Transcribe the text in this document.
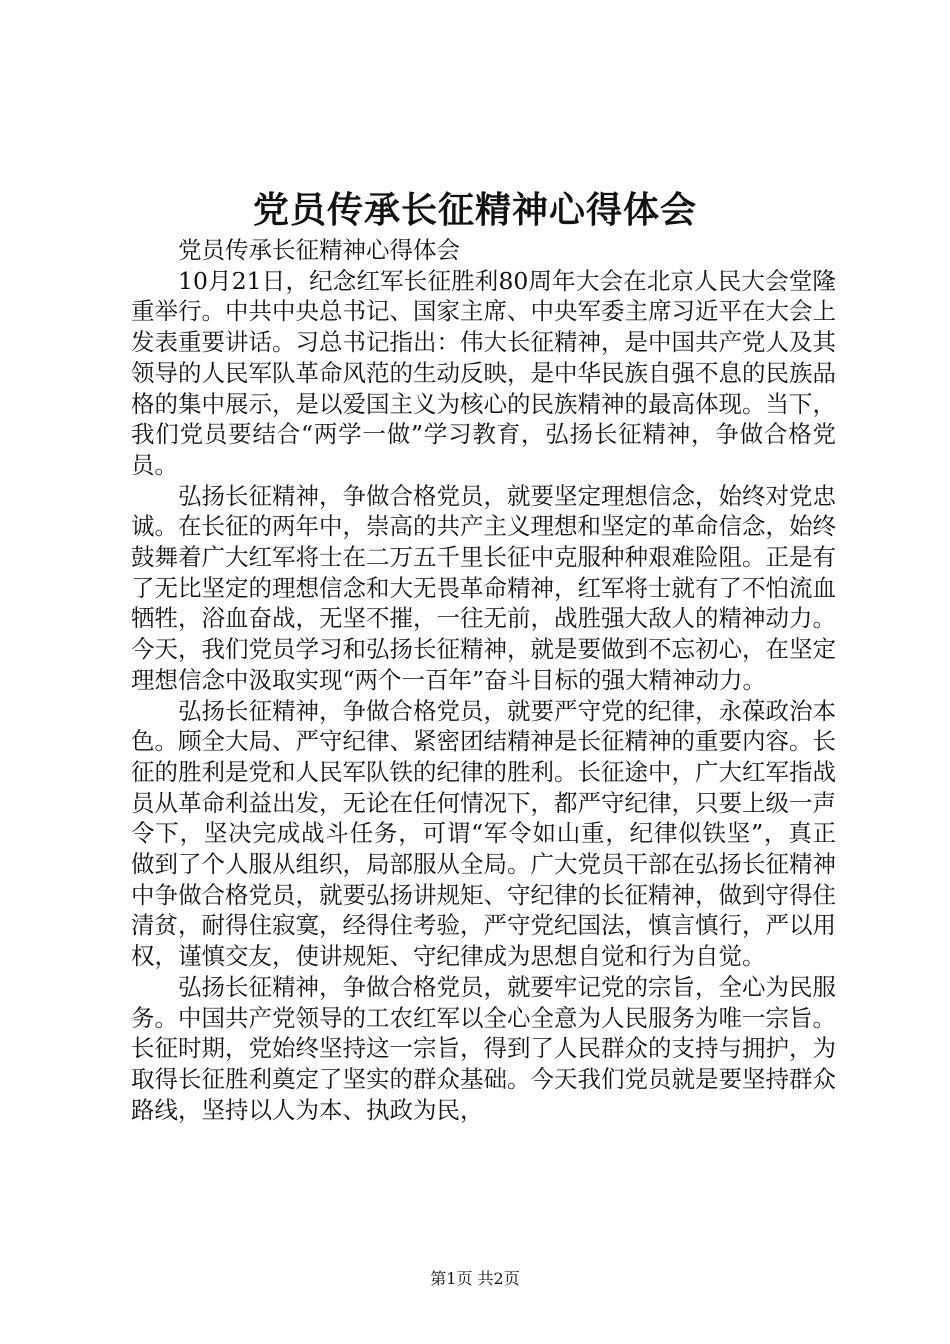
党员传承长征精神心得体会

党员传承长征精神心得体会

10月21日，纪念红军长征胜利80周年大会在北京人民大会堂隆重举行。中共中央总书记、国家主席、中央军委主席习近平在大会上发表重要讲话。习总书记指出：伟大长征精神，是中国共产党人及其领导的人民军队革命风范的生动反映，是中华民族自强不息的民族品格的集中展示，是以爱国主义为核心的民族精神的最高体现。当下，我们党员要结合“两学一做”学习教育，弘扬长征精神，争做合格党员。

弘扬长征精神，争做合格党员，就要坚定理想信念，始终对党忠诚。在长征的两年中，崇高的共产主义理想和坚定的革命信念，始终鼓舞着广大红军将士在二万五千里长征中克服种种艰难险阻。正是有了无比坚定的理想信念和大无畏革命精神，红军将士就有了不怕流血牺牲，浴血奋战，无坚不摧，一往无前，战胜强大敌人的精神动力。今天，我们党员学习和弘扬长征精神，就是要做到不忘初心，在坚定理想信念中汲取实现“两个一百年”奋斗目标的强大精神动力。

弘扬长征精神，争做合格党员，就要严守党的纪律，永葆政治本色。顾全大局、严守纪律、紧密团结精神是长征精神的重要内容。长征的胜利是党和人民军队铁的纪律的胜利。长征途中，广大红军指战员从革命利益出发，无论在任何情况下，都严守纪律，只要上级一声令下，坚决完成战斗任务，可谓“军令如山重，纪律似铁坚”，真正做到了个人服从组织，局部服从全局。广大党员干部在弘扬长征精神中争做合格党员，就要弘扬讲规矩、守纪律的长征精神，做到守得住清贫，耐得住寂寞，经得住考验，严守党纪国法，慎言慎行，严以用权，谨慎交友，使讲规矩、守纪律成为思想自觉和行为自觉。

弘扬长征精神，争做合格党员，就要牢记党的宗旨，全心为民服务。中国共产党领导的工农红军以全心全意为人民服务为唯一宗旨。长征时期，党始终坚持这一宗旨，得到了人民群众的支持与拥护，为取得长征胜利奠定了坚实的群众基础。今天我们党员就是要坚持群众路线，坚持以人为本、执政为民，

第1页 共2页
